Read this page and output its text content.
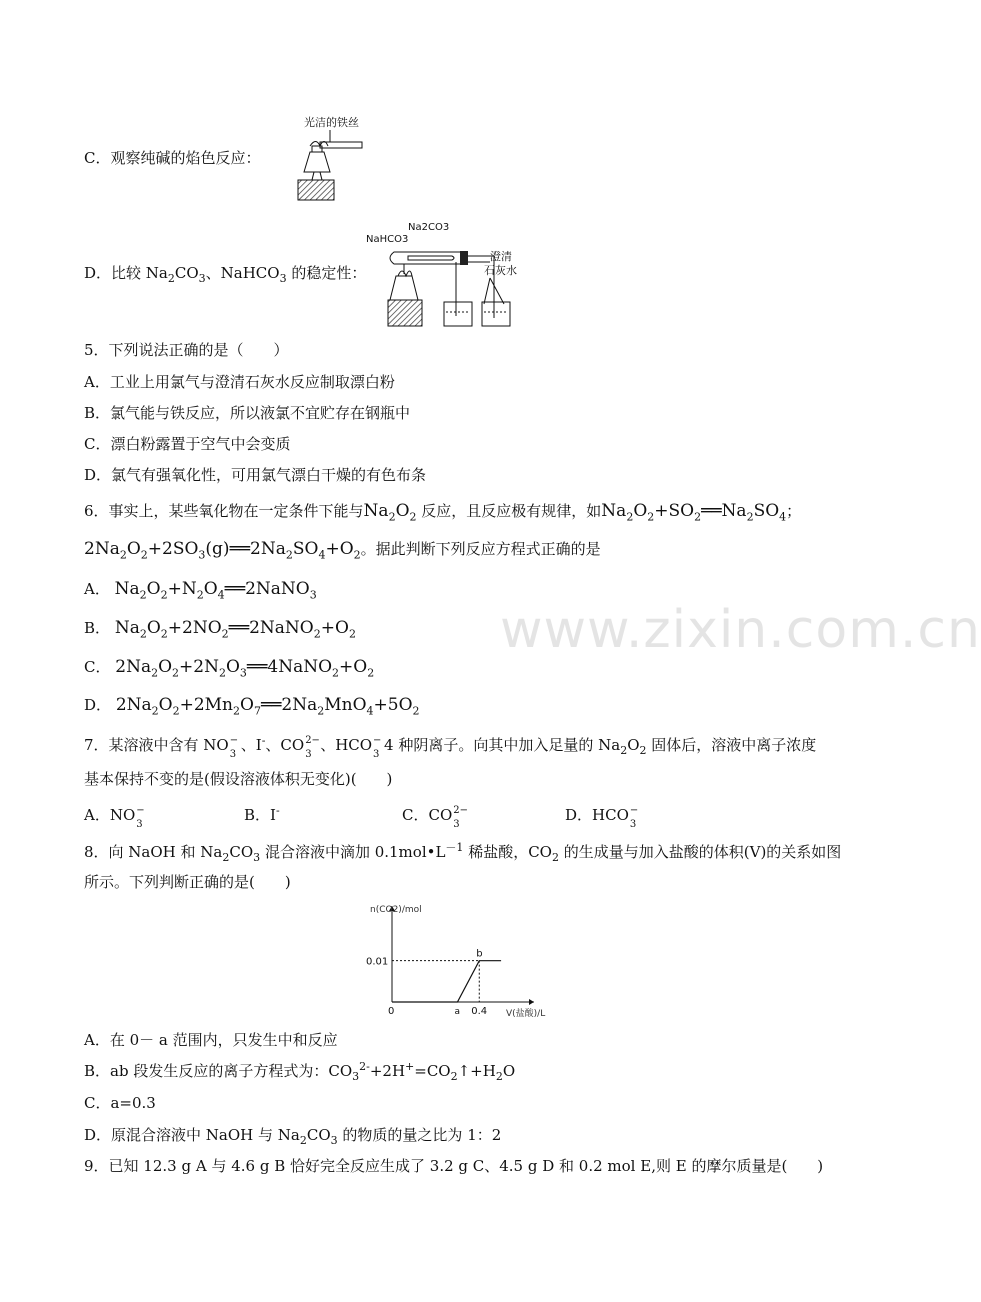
www.zixin.com.cn
C．观察纯碱的焰色反应：
光洁的铁丝
D．比较 $Na_2CO_3$、NaHCO$_3$ 的稳定性：
NaHCO3
Na2CO3
澄清
石灰水
5．下列说法正确的是（　　）
A．工业上用氯气与澄清石灰水反应制取漂白粉
B．氯气能与铁反应，所以液氯不宜贮存在钢瓶中
C．漂白粉露置于空气中会变质
D．氯气有强氧化性，可用氯气漂白干燥的有色布条
6．事实上，某些氧化物在一定条件下能与$Na_2O_2$ 反应，且反应极有规律，如$Na_2O_2+SO_2══Na_2SO_4$；
$2Na_2O_2+2SO_3(g)══2Na_2SO_4+O_2$。据此判断下列反应方程式正确的是
A． $Na_2O_2+N_2O_4══2NaNO_3$
B． $Na_2O_2+2NO_2══2NaNO_2+O_2$
C． $2Na_2O_2+2N_2O_3══4NaNO_2+O_2$
D． $2Na_2O_2+2Mn_2O_7══2Na_2MnO_4+5O_2$
7．某溶液中含有 NO −
3
、I-、CO 2−
3
、HCO −
3
4 种阴离子。向其中加入足量的 $Na_2O_2$ 固体后，溶液中离子浓度
基本保持不变的是(假设溶液体积无变化)(　　)
A．NO −
3
B．I-	C．CO 2−
3
D．HCO −
3
8．向 NaOH 和 $Na_2CO_3$ 混合溶液中滴加 $0.1mol•L^{-1}$ 稀盐酸，$CO_2$ 的生成量与加入盐酸的体积(V)的关系如图
所示。下列判断正确的是(　　)
n(CO2)/mol
V(盐酸)/L
0.01
0	a 0.4
b
A．在 0－ a 范围内，只发生中和反应
B．ab 段发生反应的离子方程式为：$CO_3^{2-}+2H^+=CO_2↑+H_2O$
C．a=0.3
D．原混合溶液中 NaOH 与 $Na_2CO_3$ 的物质的量之比为 1：2
9．已知 12.3 g A 与 4.6 g B 恰好完全反应生成了 3.2 g C、4.5 g D 和 0.2 mol E,则 E 的摩尔质量是(　　)
